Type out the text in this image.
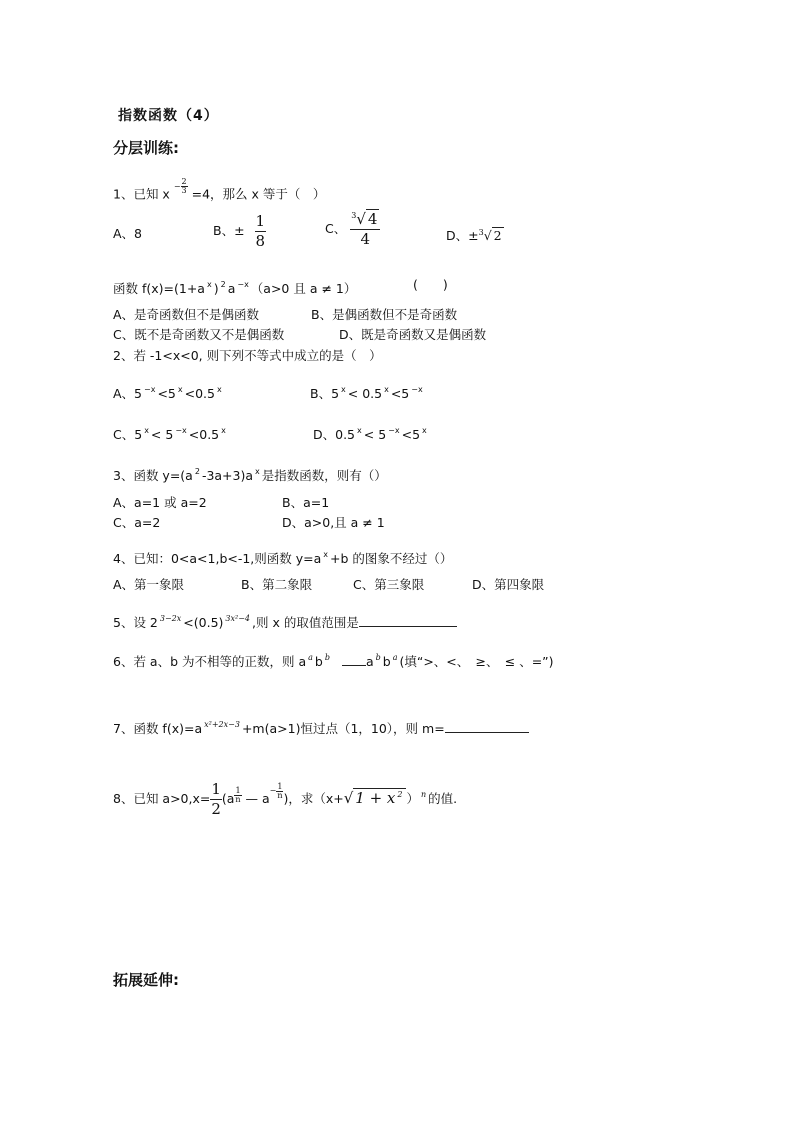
指数函数（4）
分层训练:
1、已知 x
− $\frac{2}{3} =4$，那么 x 等于（　）
A、8	B、± $\frac{1}{8}$	C、 $\frac{^3√ 4}{4}$	D、±$^3$√ 2
函数 f(x)=(1+a $^x$ ) $^2$ a $^{-x}$ （a>0 且 a ≠ 1）	(　　)
A、是奇函数但不是偶函数	B、是偶函数但不是奇函数
C、既不是奇函数又不是偶函数	D、既是奇函数又是偶函数
2、若 -1<x<0, 则下列不等式中成立的是（　）
A、5 $^{-x}$ <5 $^x$ <0.5 $^x$	B、5 $^x$ < 0.5 $^x$ <5 $^{-x}$
C、5 $^x$ < 5 $^{-x}$ <0.5 $^x$	D、0.5 $^x$ < 5 $^{-x}$ <5 $^x$
3、函数 y=(a $^2$ -3a+3)a $^x$ 是指数函数，则有（）
A、a=1 或 a=2	B、a=1
C、a=2	D、a>0,且 a ≠ 1
4、已知：0<a<1,b<-1,则函数 y=a $^x$ +b 的图象不经过（）
A、第一象限	B、第二象限	C、第三象限	D、第四象限
5、设 2 $^{3-2x}$ <(0.5) $^{3x^2-4}$ ,则 x 的取值范围是
6、若 a、b 为不相等的正数，则 a $^a$ b $^b$	a $^b$ b $^a$ (填“>、<、　≥、　≤ 、=”)
7、函数 f(x)=a $^{x^2+2x-3}$ +m(a>1)恒过点（1，10），则 m=
8、已知 $a>0,x= \frac{1}{2} (a \frac{1}{n}$ — a
− $\frac{1}{n}$ )，求（x+√ 1 + x $^2$ ） $^n$ 的值.
拓展延伸:
